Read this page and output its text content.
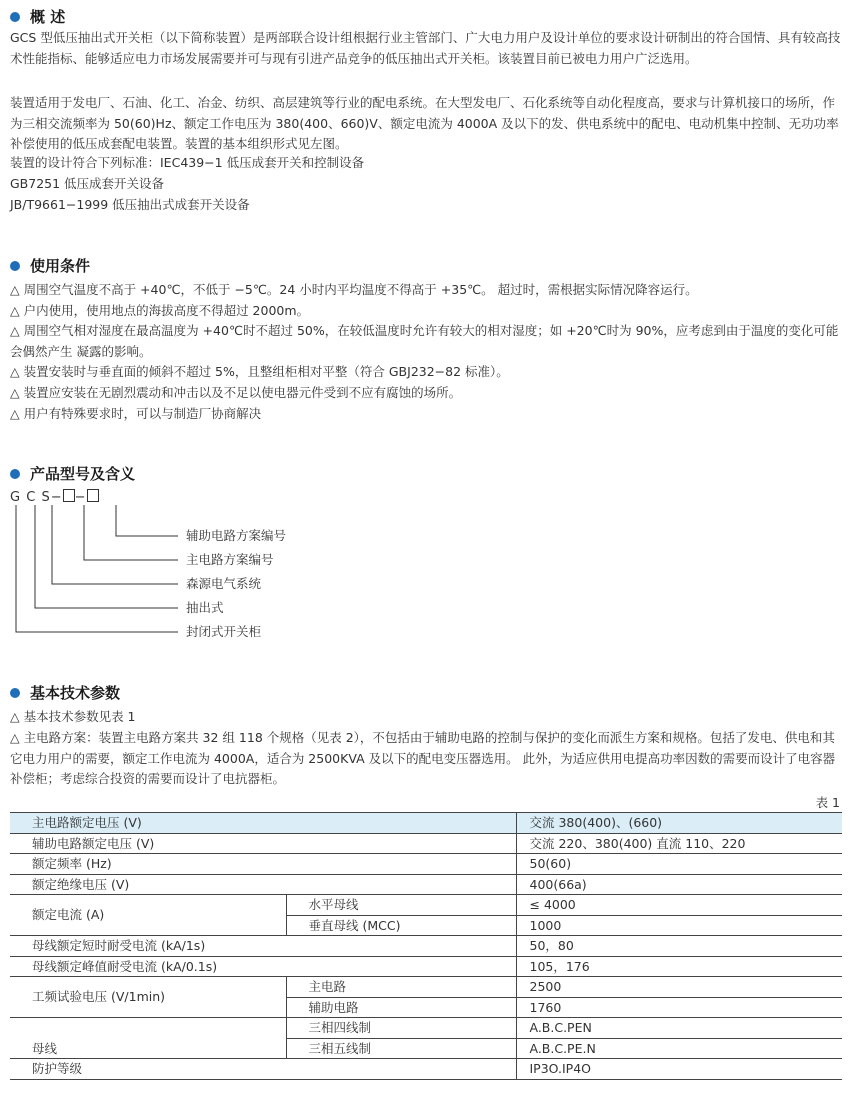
概 述
GCS 型低压抽出式开关柜（以下简称装置）是两部联合设计组根据行业主管部门、广大电力用户及设计单位的要求设计研制出的符合国情、具有较高技术性能指标、能够适应电力市场发展需要并可与现有引进产品竞争的低压抽出式开关柜。该装置目前已被电力用户广泛选用。
装置适用于发电厂、石油、化工、冶金、纺织、高层建筑等行业的配电系统。在大型发电厂、石化系统等自动化程度高，要求与计算机接口的场所，作为三相交流频率为 50(60)Hz、额定工作电压为 380(400、660)V、额定电流为 4000A 及以下的发、供电系统中的配电、电动机集中控制、无功功率补偿使用的低压成套配电装置。装置的基本组织形式见左图。
装置的设计符合下列标准：IEC439−1 低压成套开关和控制设备
GB7251 低压成套开关设备
JB/T9661−1999 低压抽出式成套开关设备
使用条件
△ 周围空气温度不高于 +40℃，不低于 −5℃。24 小时内平均温度不得高于 +35℃。 超过时，需根据实际情况降容运行。
△ 户内使用，使用地点的海拔高度不得超过 2000m。
△ 周围空气相对湿度在最高温度为 +40℃时不超过 50%，在较低温度时允许有较大的相对湿度；如 +20℃时为 90%，应考虑到由于温度的变化可能会偶然产生 凝露的影响。
△ 装置安装时与垂直面的倾斜不超过 5%，且整组柜相对平整（符合 GBJ232−82 标准）。
△ 装置应安装在无剧烈震动和冲击以及不足以使电器元件受到不应有腐蚀的场所。
△ 用户有特殊要求时，可以与制造厂协商解决
产品型号及含义
G C S− −
辅助电路方案编号
主电路方案编号
森源电气系统
抽出式
封闭式开关柜
基本技术参数
△ 基本技术参数见表 1
△ 主电路方案：装置主电路方案共 32 组 118 个规格（见表 2），不包括由于辅助电路的控制与保护的变化而派生方案和规格。包括了发电、供电和其它电力用户的需要，额定工作电流为 4000A，适合为 2500KVA 及以下的配电变压器选用。 此外，为适应供用电提高功率因数的需要而设计了电容器补偿柜；考虑综合投资的需要而设计了电抗器柜。
表 1
主电路额定电压 (V)		交流 380(400)、(660)
辅助电路额定电压 (V)		交流 220、380(400) 直流 110、220
额定频率 (Hz)		50(60)
额定绝缘电压 (V)		400(66a)
额定电流 (A)	水平母线	≤ 4000
	垂直母线 (MCC)	1000
母线额定短时耐受电流 (kA/1s)		50，80
母线额定峰值耐受电流 (kA/0.1s)		105，176
工频试验电压 (V/1min)	主电路	2500
	辅助电路	1760
母线	三相四线制	A.B.C.PEN
	三相五线制	A.B.C.PE.N
防护等级		IP3O.IP4O
